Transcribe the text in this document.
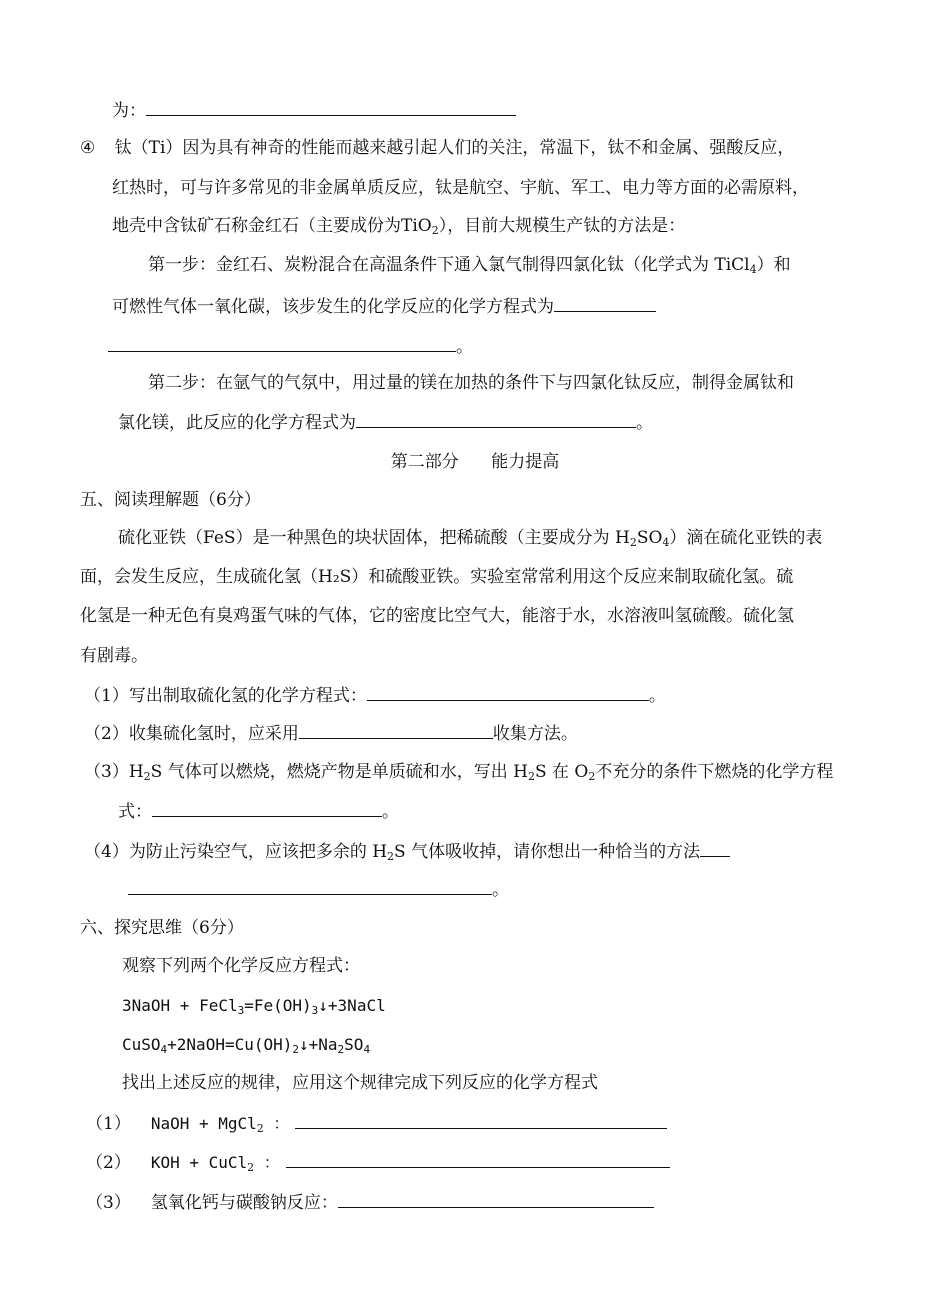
为：
④ 钛（Ti）因为具有神奇的性能而越来越引起人们的关注，常温下，钛不和金属、强酸反应，
红热时，可与许多常见的非金属单质反应，钛是航空、宇航、军工、电力等方面的必需原料，
地壳中含钛矿石称金红石（主要成份为TiO$_2$），目前大规模生产钛的方法是：
第一步：金红石、炭粉混合在高温条件下通入氯气制得四氯化钛（化学式为 TiCl$_4$）和
可燃性气体一氧化碳，该步发生的化学反应的化学方程式为
。
第二步：在氩气的气氛中，用过量的镁在加热的条件下与四氯化钛反应，制得金属钛和
氯化镁，此反应的化学方程式为	。
第二部分      能力提高
五、阅读理解题（6分）
硫化亚铁（FeS）是一种黑色的块状固体，把稀硫酸（主要成分为 $H_2SO_4$）滴在硫化亚铁的表
面，会发生反应，生成硫化氢（H₂S）和硫酸亚铁。实验室常常利用这个反应来制取硫化氢。硫
化氢是一种无色有臭鸡蛋气味的气体，它的密度比空气大，能溶于水，水溶液叫氢硫酸。硫化氢
有剧毒。
（1）写出制取硫化氢的化学方程式：	。
（2）收集硫化氢时，应采用	收集方法。
$(3)H_2S$ 气体可以燃烧，燃烧产物是单质硫和水，写出 $H_2S$ 在 $O_2$不充分的条件下燃烧的化学方程
式：	。
（4）为防止污染空气，应该把多余的 $H_2S$ 气体吸收掉，请你想出一种恰当的方法
。
六、探究思维（6分）
观察下列两个化学反应方程式：
3NaOH + $FeCl_3=Fe(OH)_3↓+3NaCl$
$CuSO_4+2NaOH=Cu(OH)_2↓+Na_2SO_4$
找出上述反应的规律，应用这个规律完成下列反应的化学方程式
（1） NaOH + MgCl$_2$ ：
（2） KOH + CuCl$_2$ ：
（3） 氢氧化钙与碳酸钠反应：
